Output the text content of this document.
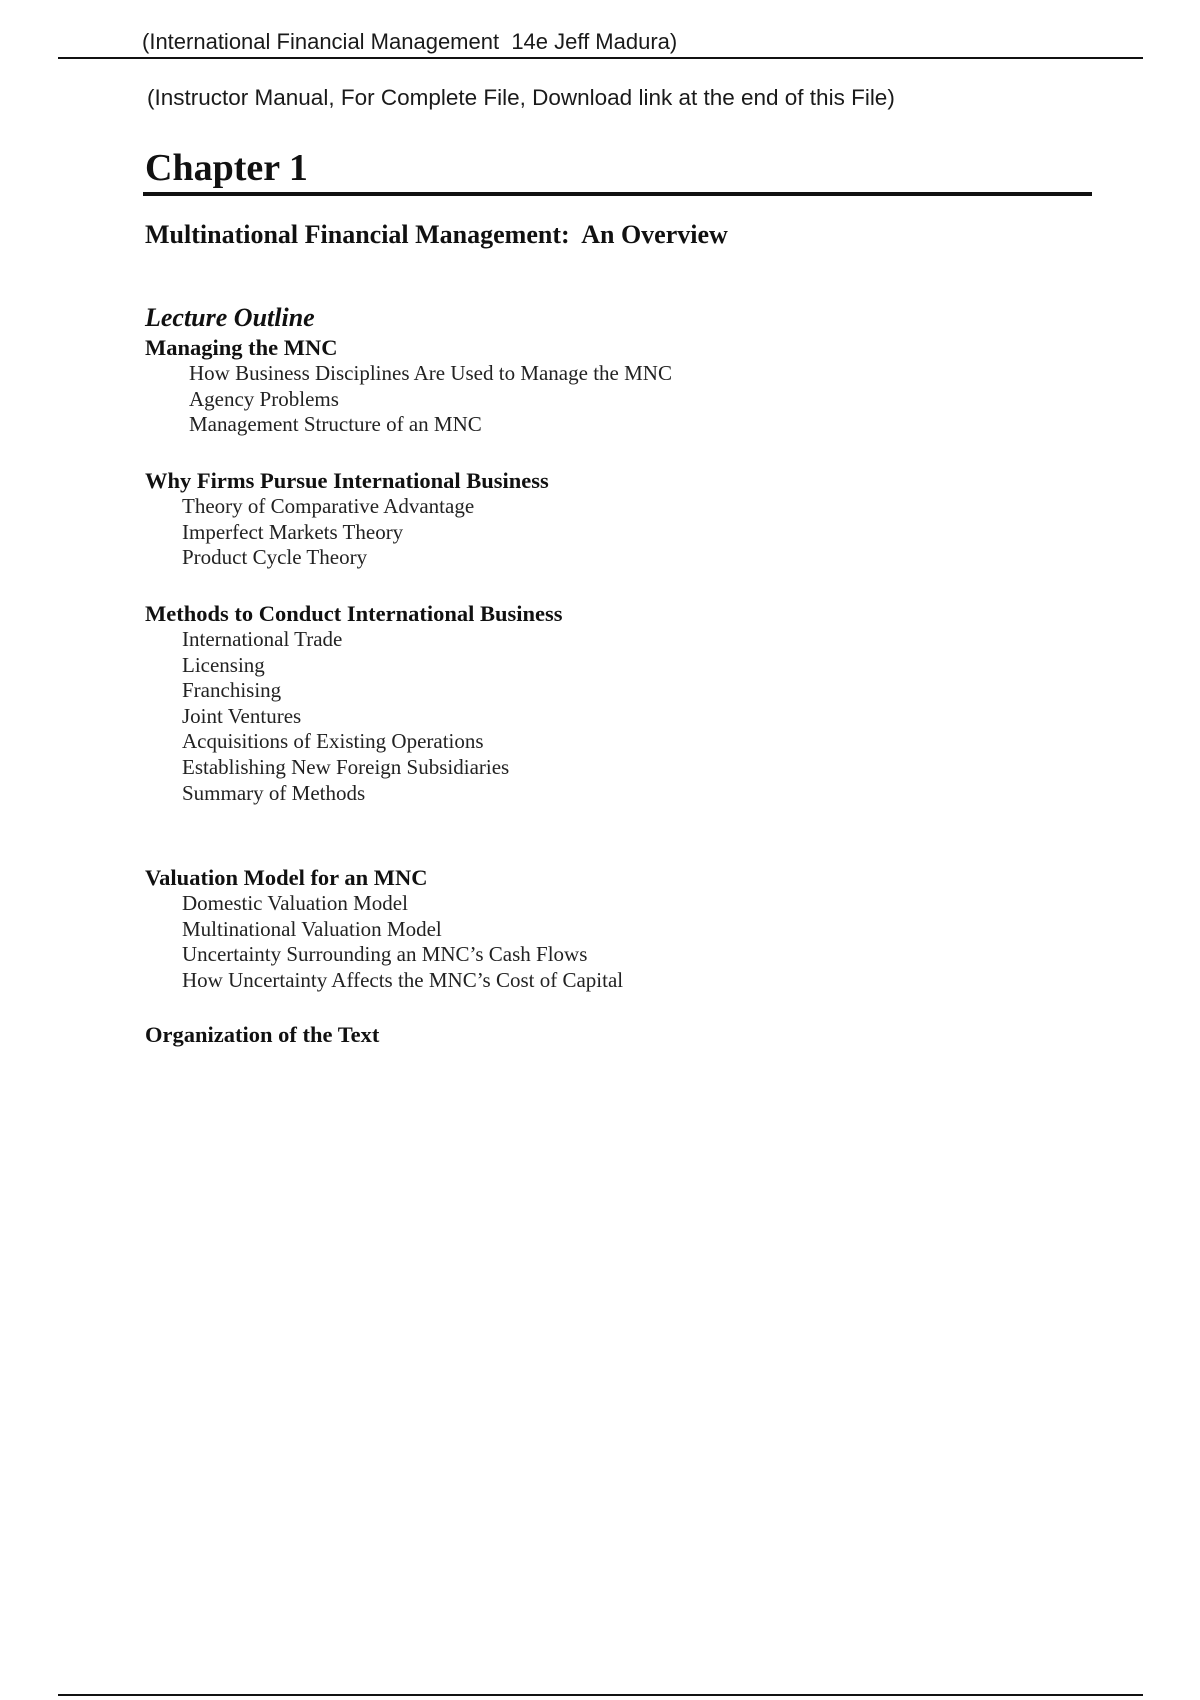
(International Financial Management  14e Jeff Madura)
(Instructor Manual, For Complete File, Download link at the end of this File)
Chapter 1
Multinational Financial Management:  An Overview
Lecture Outline

Managing the MNC

How Business Disciplines Are Used to Manage the MNC
Agency Problems
Management Structure of an MNC

Why Firms Pursue International Business

Theory of Comparative Advantage
Imperfect Markets Theory
Product Cycle Theory

Methods to Conduct International Business

International Trade
Licensing
Franchising
Joint Ventures
Acquisitions of Existing Operations
Establishing New Foreign Subsidiaries
Summary of Methods

Valuation Model for an MNC

Domestic Valuation Model
Multinational Valuation Model
Uncertainty Surrounding an MNC’s Cash Flows
How Uncertainty Affects the MNC’s Cost of Capital

Organization of the Text
